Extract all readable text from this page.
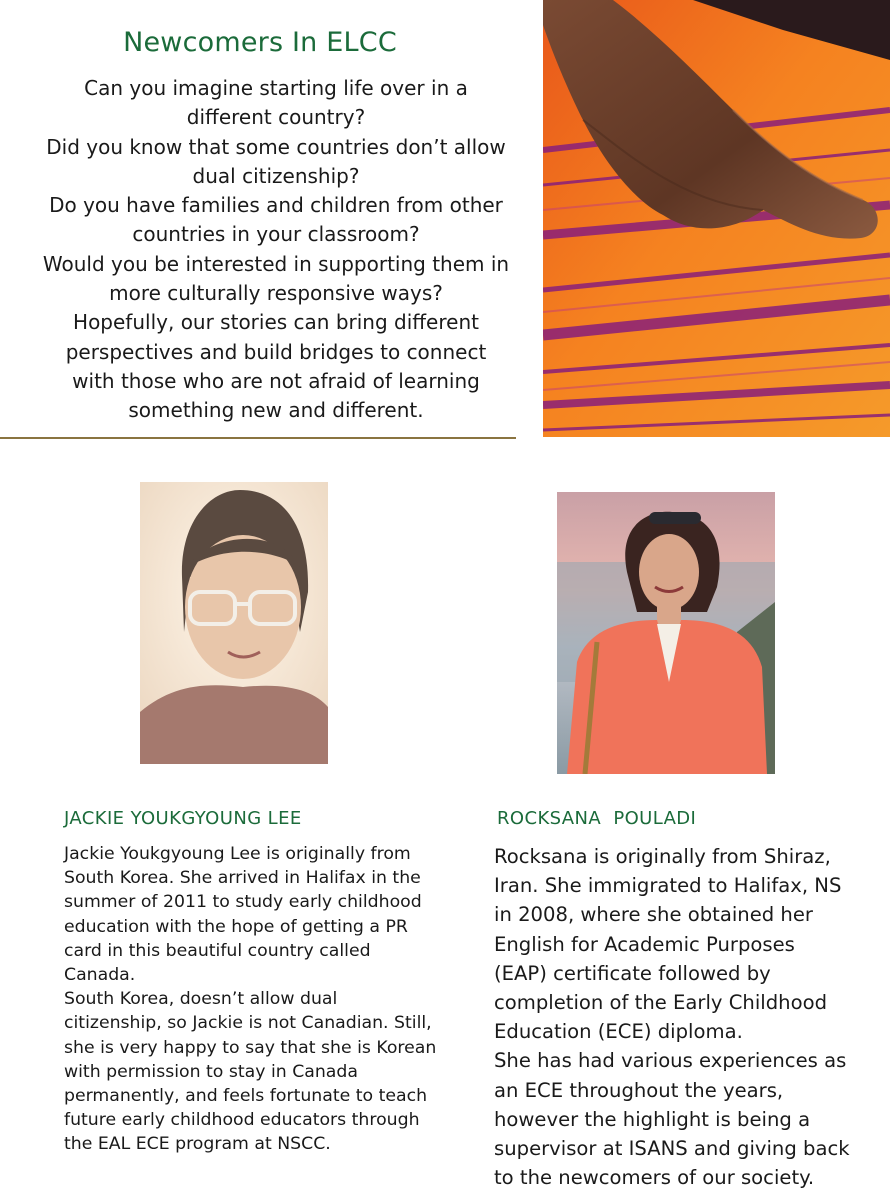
Newcomers In ELCC
Can you imagine starting life over in a
different country?
Did you know that some countries don’t allow
dual citizenship?
Do you have families and children from other
countries in your classroom?
Would you be interested in supporting them in
more culturally responsive ways?
Hopefully, our stories can bring different
perspectives and build bridges to connect
with those who are not afraid of learning
something new and different.
JACKIE YOUKGYOUNG LEE	ROCKSANA  POULADI
Jackie Youkgyoung Lee is originally from
South Korea. She arrived in Halifax in the
summer of 2011 to study early childhood
education with the hope of getting a PR
card in this beautiful country called
Canada.
South Korea, doesn’t allow dual
citizenship, so Jackie is not Canadian. Still,
she is very happy to say that she is Korean
with permission to stay in Canada
permanently, and feels fortunate to teach
future early childhood educators through
the EAL ECE program at NSCC.
Rocksana is originally from Shiraz,
Iran. She immigrated to Halifax, NS
in 2008, where she obtained her
English for Academic Purposes
(EAP) certificate followed by
completion of the Early Childhood
Education (ECE) diploma.
She has had various experiences as
an ECE throughout the years,
however the highlight is being a
supervisor at ISANS and giving back
to the newcomers of our society.
